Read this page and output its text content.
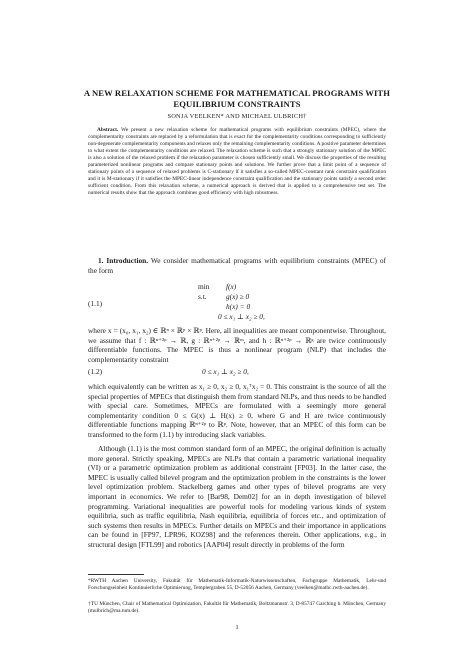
A NEW RELAXATION SCHEME FOR MATHEMATICAL PROGRAMS WITH
EQUILIBRIUM CONSTRAINTS
SONJA VEELKEN* AND MICHAEL ULBRICH†
Abstract. We present a new relaxation scheme for mathematical programs with equilibrium constraints (MPEC), where the complementarity constraints are replaced by a reformulation that is exact for the complementarity conditions corresponding to sufficiently non-degenerate complementarity components and relaxes only the remaining complementarity conditions. A positive parameter determines to what extent the complementarity conditions are relaxed. The relaxation scheme is such that a strongly stationary solution of the MPEC is also a solution of the relaxed problem if the relaxation parameter is chosen sufficiently small. We discuss the properties of the resulting parameterized nonlinear programs and compare stationary points and solutions. We further prove that a limit point of a sequence of stationary points of a sequence of relaxed problems is C-stationary if it satisfies a so-called MPEC-constant rank constraint qualification and it is M-stationary if it satisfies the MPEC-linear independence constraint qualification and the stationary points satisfy a second order sufficient condition. From this relaxation scheme, a numerical approach is derived that is applied to a comprehensive test set. The numerical results show that the approach combines good efficiency with high robustness.
1. Introduction. We consider mathematical programs with equilibrium constraints (MPEC) of the form
(1.1)
min f(x)
s.t.	g(x) ≥ 0
h(x) = 0
0 ≤ x₁ ⊥ x₂ ≥ 0,
where x = (x₀, x₁, x₂) ∈ ℝⁿ × ℝᵖ × ℝᵖ. Here, all inequalities are meant componentwise. Throughout, we assume that f : ℝⁿ⁺²ᵖ → ℝ, g : ℝⁿ⁺²ᵖ → ℝᵐ, and h : ℝⁿ⁺²ᵖ → ℝᵍ are twice continuously differentiable functions. The MPEC is thus a nonlinear program (NLP) that includes the complementarity constraint
(1.2)	0 ≤ x₁ ⊥ x₂ ≥ 0,
which equivalently can be written as x₁ ≥ 0, x₂ ≥ 0, x₁ᵀx₂ = 0. This constraint is the source of all the special properties of MPECs that distinguish them from standard NLPs, and thus needs to be handled with special care. Sometimes, MPECs are formulated with a seemingly more general complementarity condition 0 ≤ G(x) ⊥ H(x) ≥ 0, where G and H are twice continuously differentiable functions mapping ℝⁿ⁺²ᵖ to ℝᵖ. Note, however, that an MPEC of this form can be transformed to the form (1.1) by introducing slack variables.
Although (1.1) is the most common standard form of an MPEC, the original definition is actually more general. Strictly speaking, MPECs are NLPs that contain a parametric variational inequality (VI) or a parametric optimization problem as additional constraint [FP03]. In the latter case, the MPEC is usually called bilevel program and the optimization problem in the constraints is the lower level optimization problem. Stackelberg games and other types of bilevel programs are very important in economics. We refer to [Bar98, Dem02] for an in depth investigation of bilevel programming. Variational inequalities are powerful tools for modeling various kinds of system equilibria, such as traffic equilibria, Nash equilibria, equilibria of forces etc., and optimization of such systems then results in MPECs. Further details on MPECs and their importance in applications can be found in [FP97, LPR96, KOZ98] and the references therein. Other applications, e.g., in structural design [FTL99] and robotics [AAP04] result directly in problems of the form
*RWTH Aachen University, Fakultät für Mathematik-Informatik-Naturwissenschaften, Fachgruppe Mathematik, Lehr-und Forschungseinheit Kontinuierliche Optimierung, Templergraben 55, D-52056 Aachen, Germany (veelken@mathc.rwth-aachen.de).
†TU München, Chair of Mathematical Optimization, Fakultät für Mathematik, Boltzmannstr. 3, D-85747 Garching b. München, Germany (mulbrich@ma.tum.de).
1
